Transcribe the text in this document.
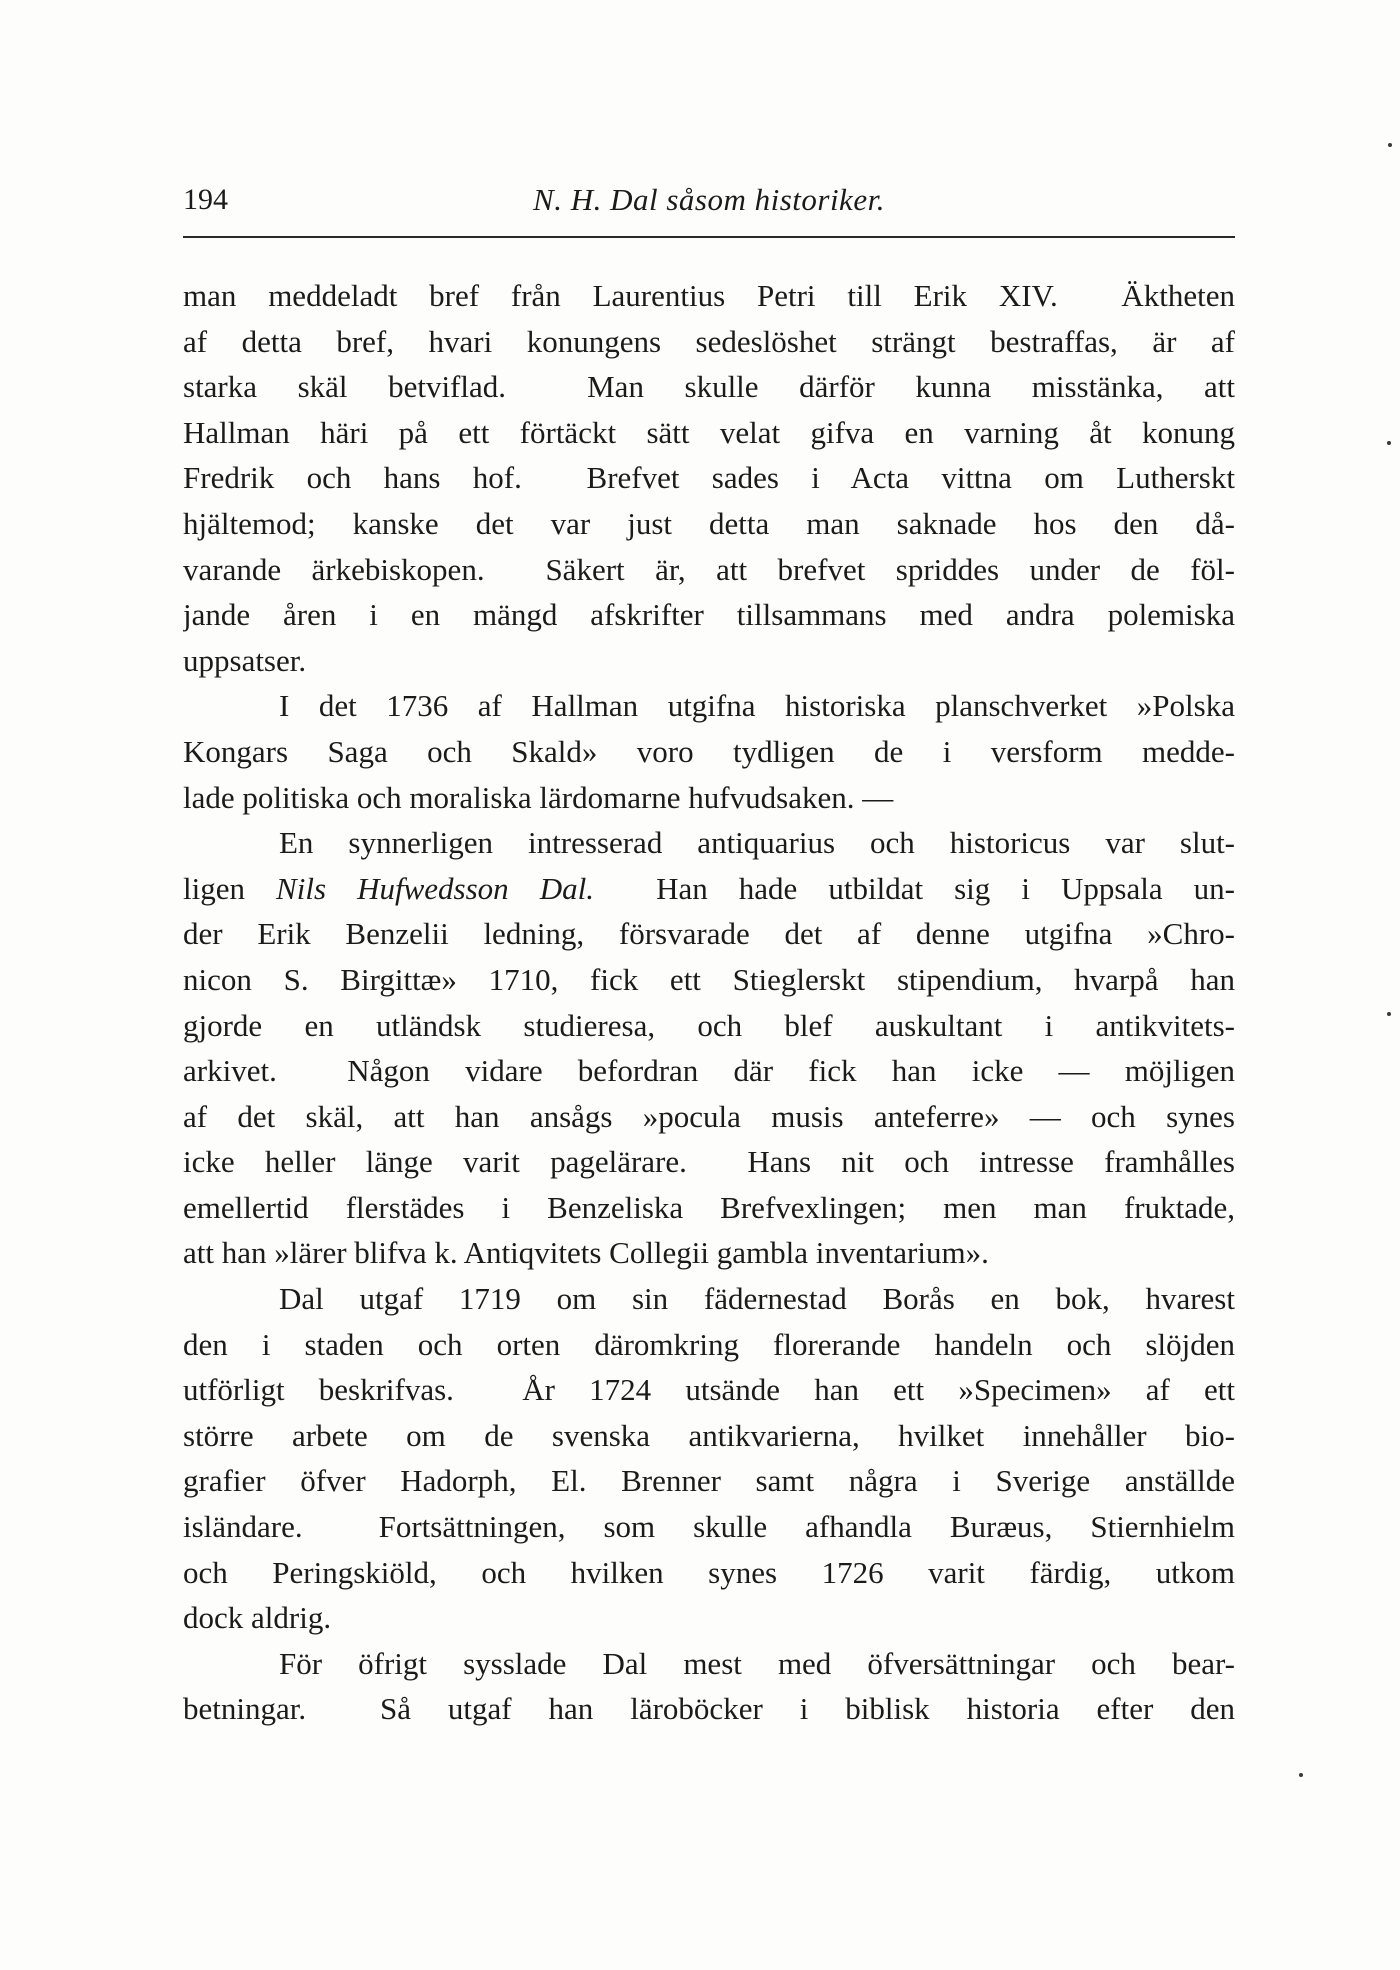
194	N. H. Dal såsom historiker.
man meddeladt bref från Laurentius Petri till Erik XIV.  Äktheten
af detta bref, hvari konungens sedeslöshet strängt bestraffas, är af
starka skäl betviflad.  Man skulle därför kunna misstänka, att
Hallman häri på ett förtäckt sätt velat gifva en varning åt konung
Fredrik och hans hof.  Brefvet sades i Acta vittna om Lutherskt
hjältemod; kanske det var just detta man saknade hos den då-
varande ärkebiskopen.  Säkert är, att brefvet spriddes under de föl-
jande åren i en mängd afskrifter tillsammans med andra polemiska
uppsatser.
I det 1736 af Hallman utgifna historiska planschverket »Polska
Kongars Saga och Skald» voro tydligen de i versform medde-
lade politiska och moraliska lärdomarne hufvudsaken. —
En synnerligen intresserad antiquarius och historicus var slut-
ligen Nils Hufwedsson Dal.  Han hade utbildat sig i Uppsala un-
der Erik Benzelii ledning, försvarade det af denne utgifna »Chro-
nicon S. Birgittæ» 1710, fick ett Stieglerskt stipendium, hvarpå han
gjorde en utländsk studieresa, och blef auskultant i antikvitets-
arkivet.  Någon vidare befordran där fick han icke — möjligen
af det skäl, att han ansågs »pocula musis anteferre» — och synes
icke heller länge varit pagelärare.  Hans nit och intresse framhålles
emellertid flerstädes i Benzeliska Brefvexlingen; men man fruktade,
att han »lärer blifva k. Antiqvitets Collegii gambla inventarium».
Dal utgaf 1719 om sin fädernestad Borås en bok, hvarest
den i staden och orten däromkring florerande handeln och slöjden
utförligt beskrifvas.  År 1724 utsände han ett »Specimen» af ett
större arbete om de svenska antikvarierna, hvilket innehåller bio-
grafier öfver Hadorph, El. Brenner samt några i Sverige anställde
isländare.  Fortsättningen, som skulle afhandla Buræus, Stiernhielm
och Peringskiöld, och hvilken synes 1726 varit färdig, utkom
dock aldrig.
För öfrigt sysslade Dal mest med öfversättningar och bear-
betningar.  Så utgaf han läroböcker i biblisk historia efter den
